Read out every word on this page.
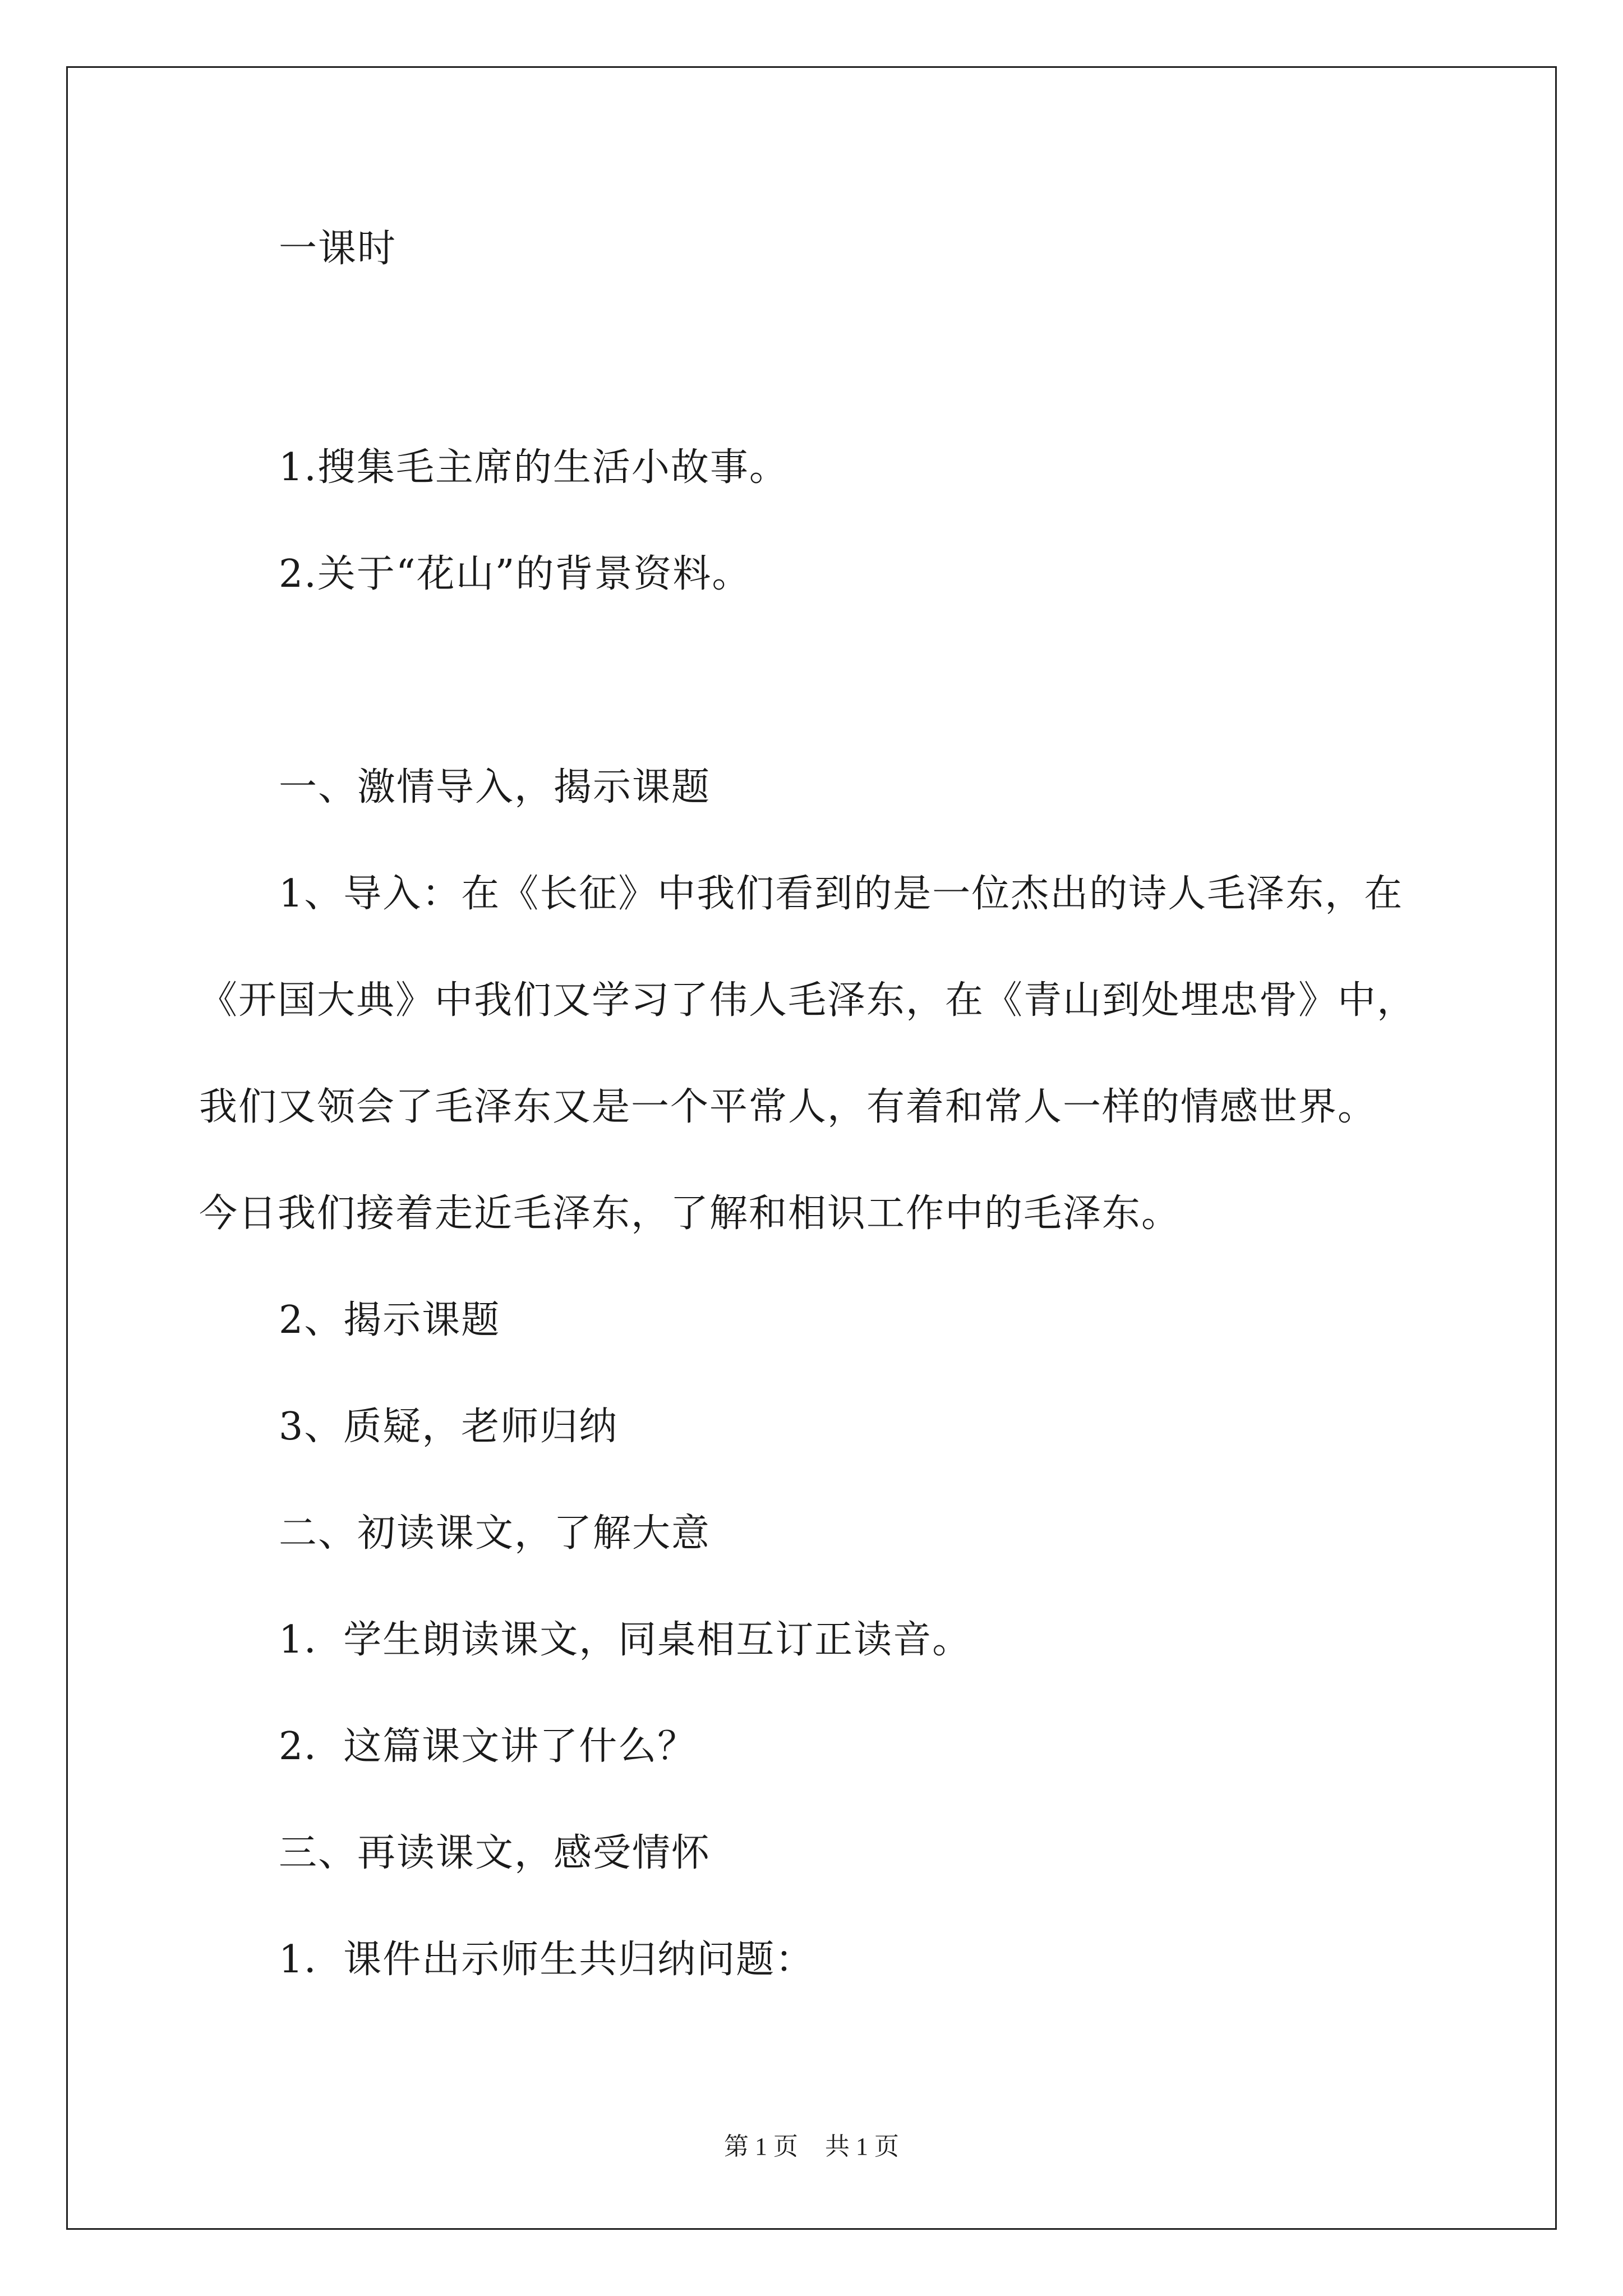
一课时
1.搜集毛主席的生活小故事。
2.关于“花山”的背景资料。
一、激情导入，揭示课题
1、导入：在《长征》中我们看到的是一位杰出的诗人毛泽东，在
《开国大典》中我们又学习了伟人毛泽东，在《青山到处埋忠骨》中，
我们又领会了毛泽东又是一个平常人，有着和常人一样的情感世界。
今日我们接着走近毛泽东，了解和相识工作中的毛泽东。
2、揭示课题
3、质疑，老师归纳
二、初读课文，了解大意
1．学生朗读课文，同桌相互订正读音。
2．这篇课文讲了什么？
三、再读课文，感受情怀
1．课件出示师生共归纳问题：
第 1 页 共 1 页
